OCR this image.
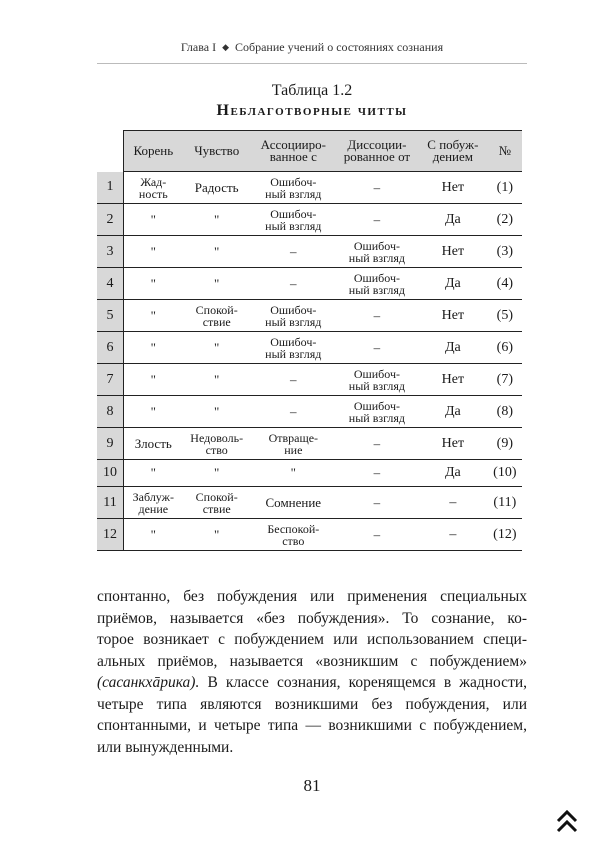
Глава I ◆ Собрание учений о состояниях сознания
Таблица 1.2
Неблаготворные читты
	Корень	Чувство	Ассоцииро-
ванное с	Диссоции-
рованное от	С побуж-
дением	№
1	Жад-
ность	Радость	Ошибоч-
ный взгляд	–	Нет	(1)
2	"	"	Ошибоч-
ный взгляд	–	Да	(2)
3	"	"	–	Ошибоч-
ный взгляд	Нет	(3)
4	"	"	–	Ошибоч-
ный взгляд	Да	(4)
5	"	Спокой-
ствие	Ошибоч-
ный взгляд	–	Нет	(5)
6	"	"	Ошибоч-
ный взгляд	–	Да	(6)
7	"	"	–	Ошибоч-
ный взгляд	Нет	(7)
8	"	"	–	Ошибоч-
ный взгляд	Да	(8)
9	Злость	Недоволь-
ство	Отвраще-
ние	–	Нет	(9)
10	"	"	"	–	Да	(10)
11	Заблуж-
дение	Спокой-
ствие	Сомнение	–	–	(11)
12	"	"	Беспокой-
ство	–	–	(12)
спонтанно, без побуждения или применения специальных
приёмов, называется «без побуждения». То сознание, ко-
торое возникает с побуждением или использованием специ-
альных приёмов, называется «возникшим с побуждением»
(сасанкхāрика). В классе сознания, коренящемся в жадности,
четыре типа являются возникшими без побуждения, или
спонтанными, и четыре типа — возникшими с побуждением,
или вынужденными.
81
